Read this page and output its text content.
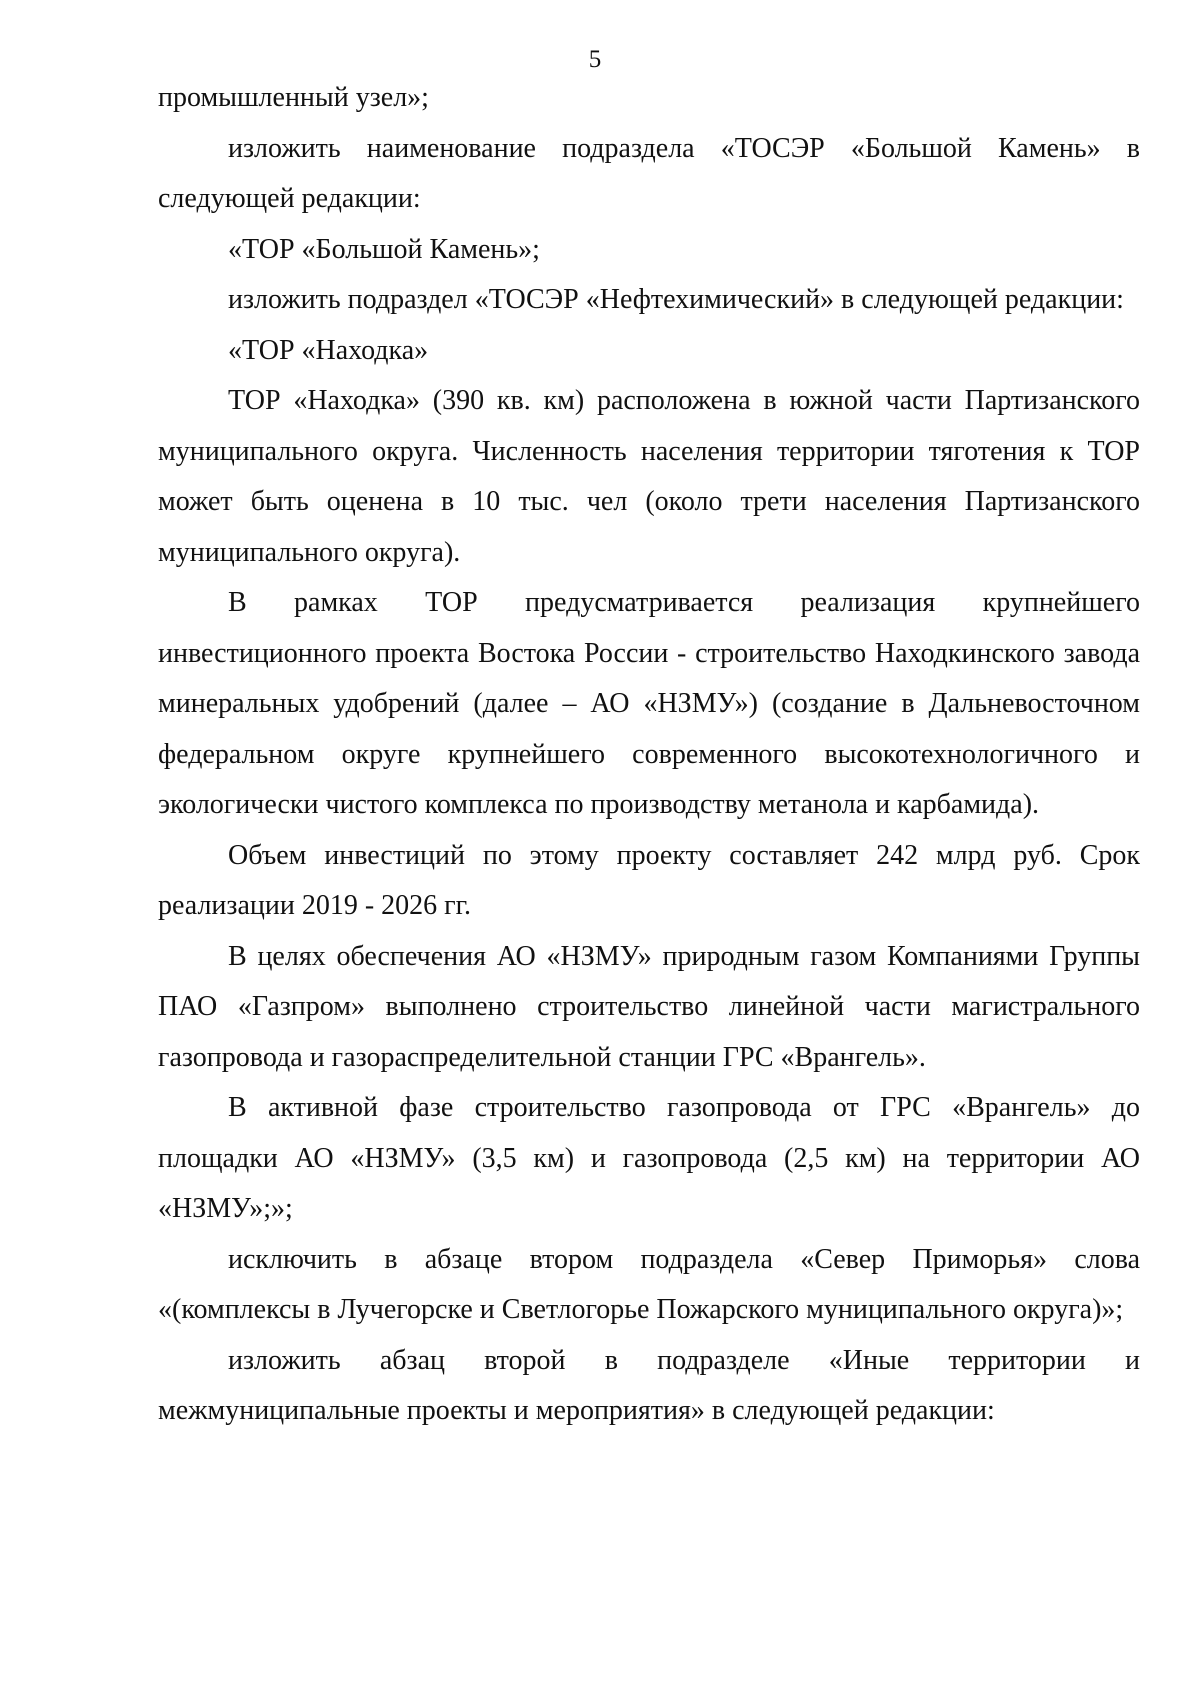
5

промышленный узел»;

изложить наименование подраздела «ТОСЭР «Большой Камень» в следующей редакции:

«ТОР «Большой Камень»;

изложить подраздел «ТОСЭР «Нефтехимический» в следующей редакции:

«ТОР «Находка»

ТОР «Находка» (390 кв. км) расположена в южной части Партизанского муниципального округа. Численность населения территории тяготения к ТОР может быть оценена в 10 тыс. чел (около трети населения Партизанского муниципального округа).

В рамках ТОР предусматривается реализация крупнейшего инвестиционного проекта Востока России - строительство Находкинского завода минеральных удобрений (далее – АО «НЗМУ») (создание в Дальневосточном федеральном округе крупнейшего современного высокотехнологичного и экологически чистого комплекса по производству метанола и карбамида).

Объем инвестиций по этому проекту составляет 242 млрд руб. Срок реализации 2019 - 2026 гг.

В целях обеспечения АО «НЗМУ» природным газом Компаниями Группы ПАО «Газпром» выполнено строительство линейной части магистрального газопровода и газораспределительной станции ГРС «Врангель».

В активной фазе строительство газопровода от ГРС «Врангель» до площадки АО «НЗМУ» (3,5 км) и газопровода (2,5 км) на территории АО «НЗМУ»;»;

исключить в абзаце втором подраздела «Север Приморья» слова «(комплексы в Лучегорске и Светлогорье Пожарского муниципального округа)»;

изложить абзац второй в подразделе «Иные территории и межмуниципальные проекты и мероприятия» в следующей редакции:
